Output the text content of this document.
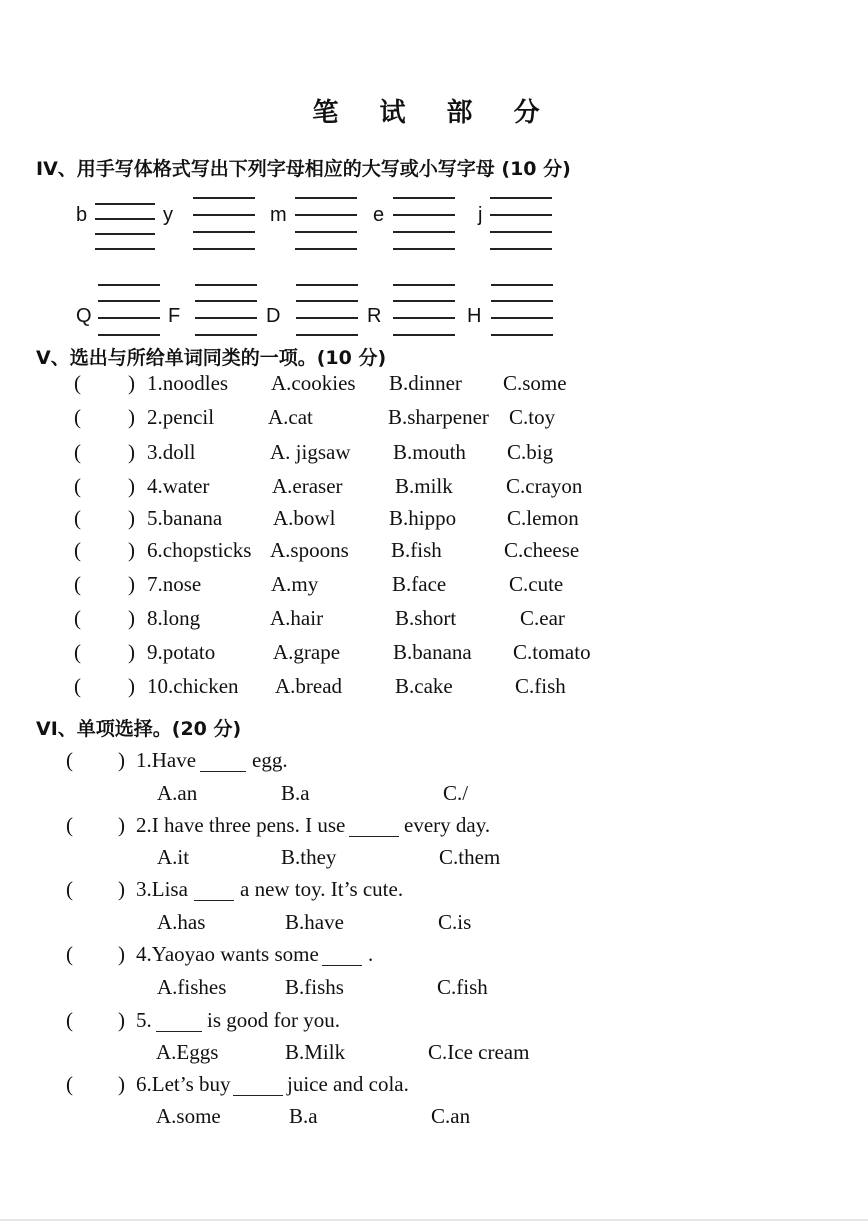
笔 试 部 分
IV、用手写体格式写出下列字母相应的大写或小写字母 (10 分)
b	y	m	e	j
Q	F	D	R	H
V、选出与所给单词同类的一项。(10 分)
( ) 1.noodles A.cookies B.dinner C.some
( ) 2.pencil	A.cat	B.sharpener C.toy
( ) 3.doll	A. jigsaw B.mouth C.big
( ) 4.water	A.eraser B.milk	C.crayon
( ) 5.banana A.bowl	B.hippo C.lemon
( ) 6.chopsticks A.spoons B.fish	C.cheese
( ) 7.nose	A.my	B.face	C.cute
( ) 8.long	A.hair	B.short	C.ear
( ) 9.potato	A.grape	B.banana C.tomato
( ) 10.chicken A.bread	B.cake	C.fish
VI、单项选择。(20 分)
( ) 1.Have	egg.
A.an	B.a	C./
( ) 2.I have three pens. I use	every day.
A.it	B.they	C.them
( ) 3.Lisa a new toy. It’s cute.
A.has	B.have	C.is
( ) 4.Yaoyao wants some .
A.fishes	B.fishs	C.fish
( ) 5.	is good for you.
A.Eggs	B.Milk	C.Ice cream
( ) 6.Let’s buy	juice and cola.
A.some	B.a	C.an
